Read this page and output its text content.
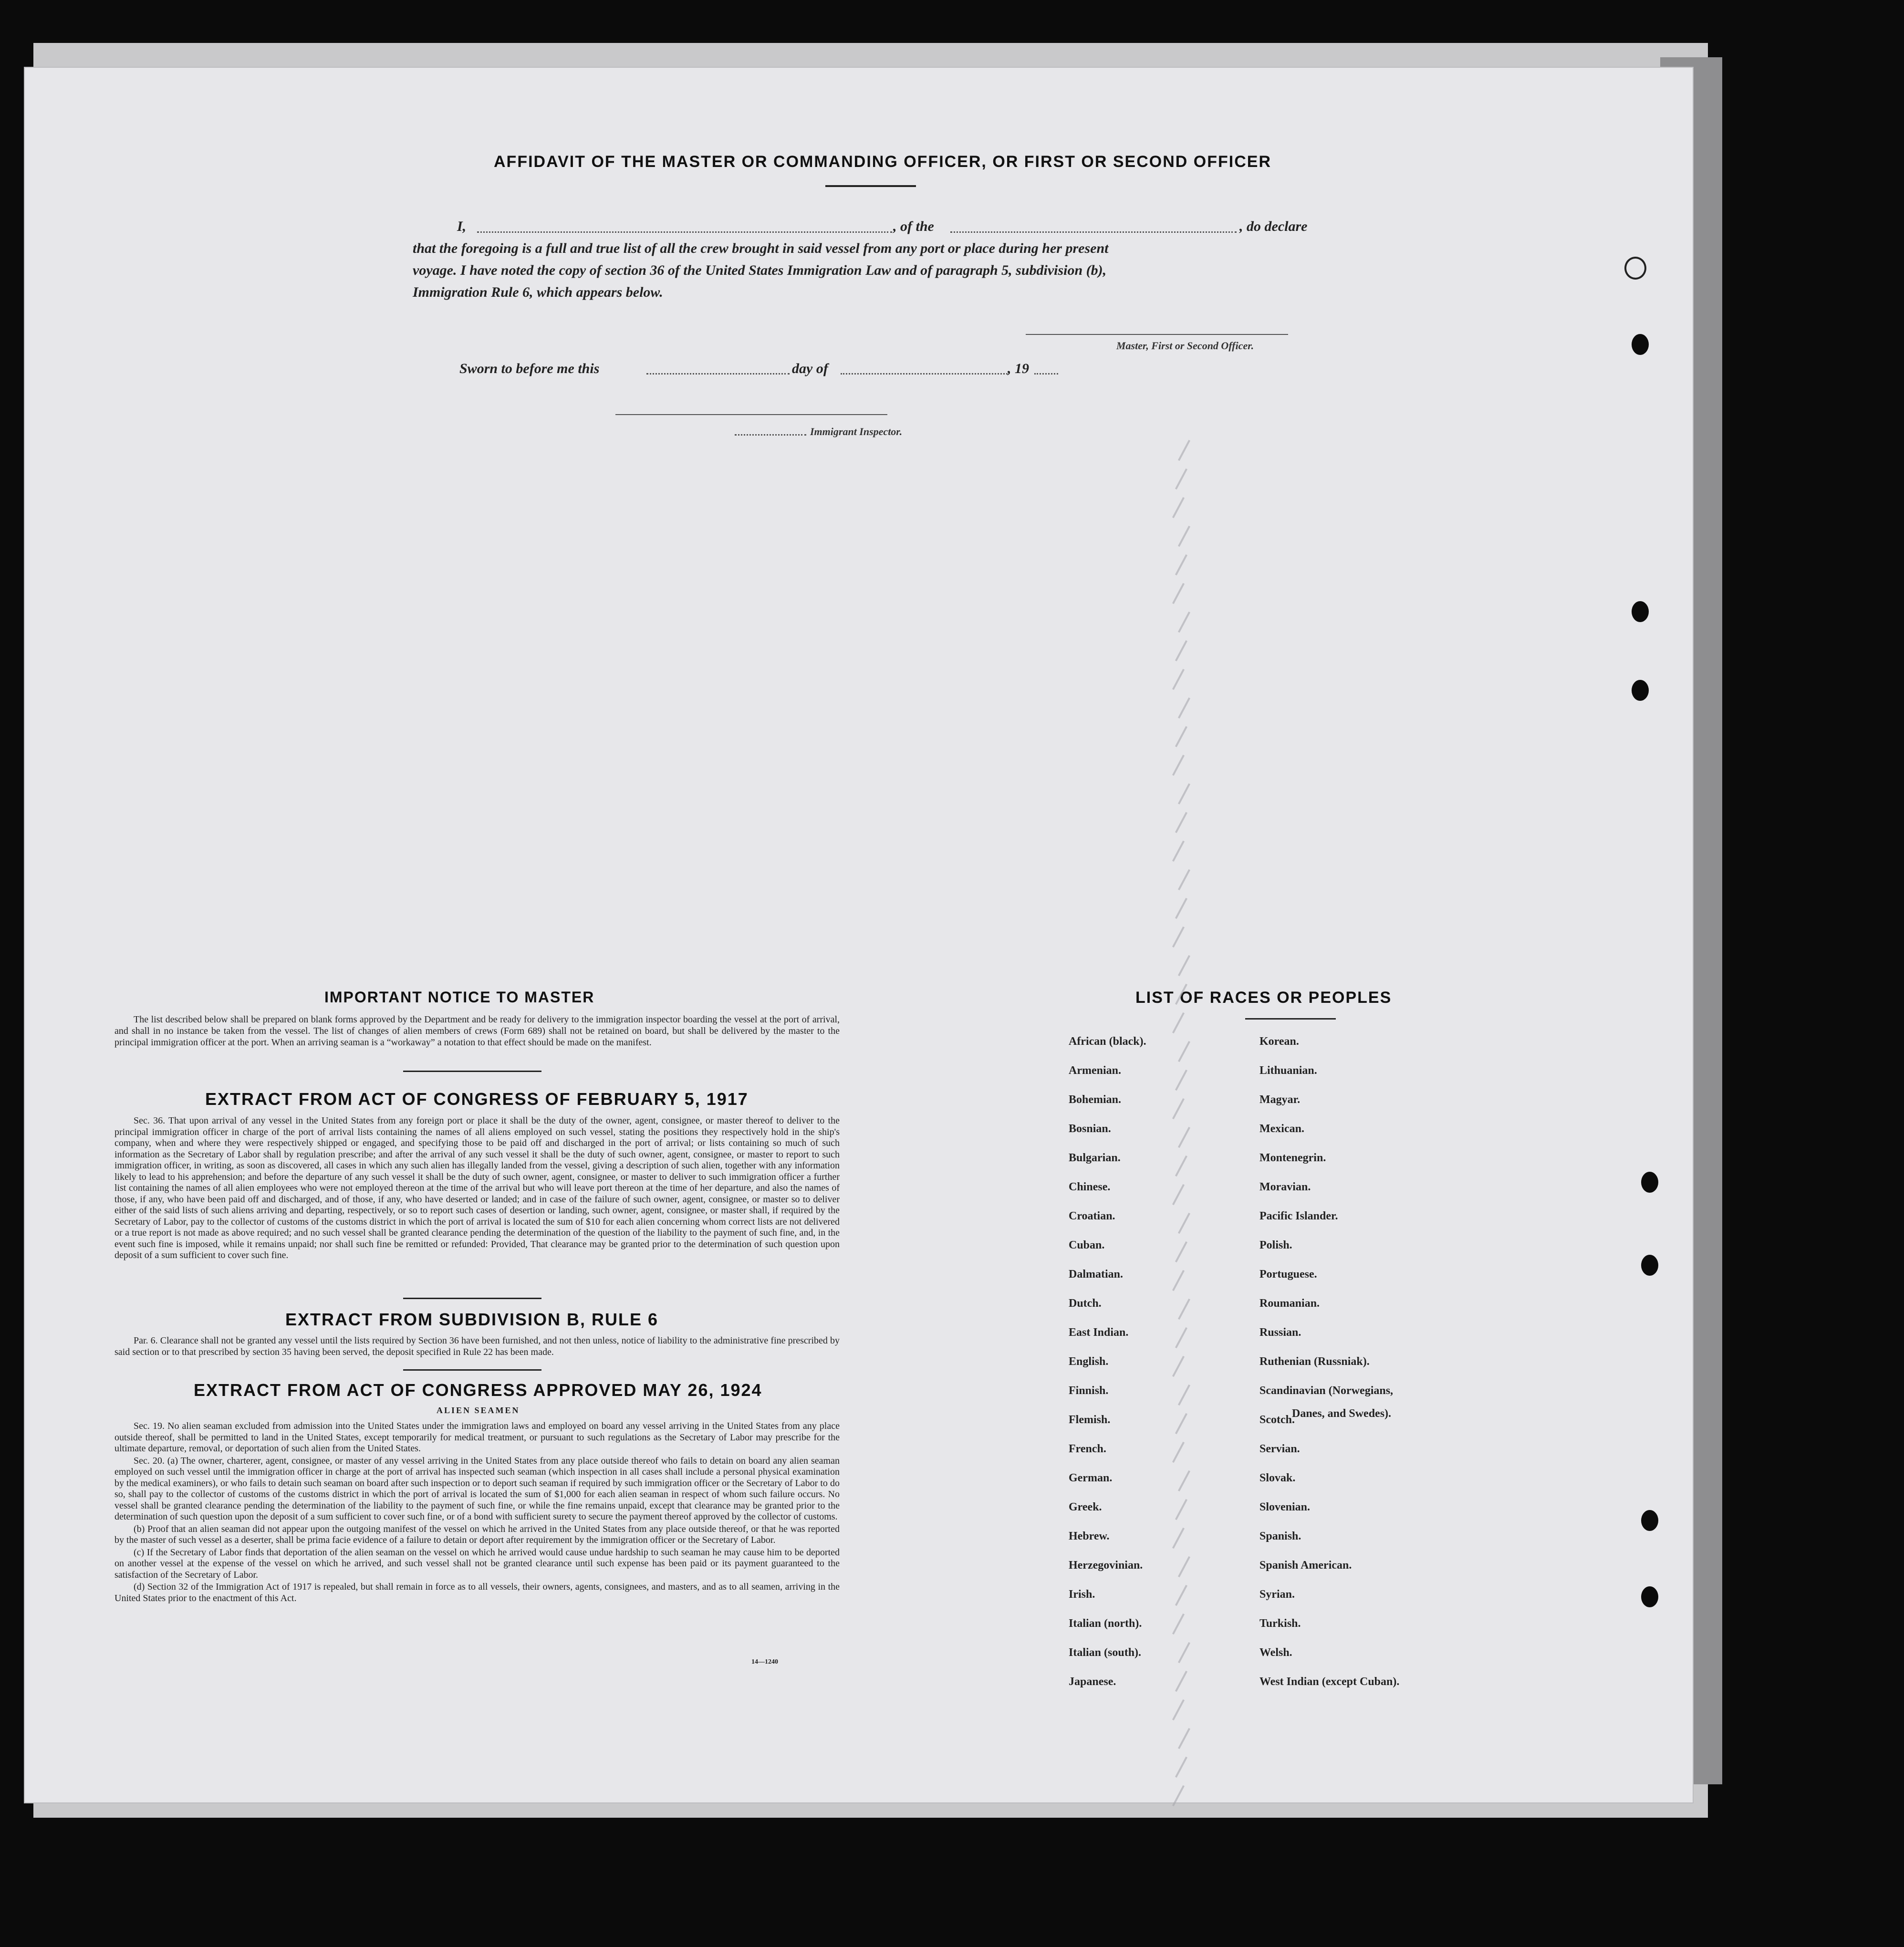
AFFIDAVIT OF THE MASTER OR COMMANDING OFFICER, OR FIRST OR SECOND OFFICER
I,	, of the	, do declare
that the foregoing is a full and true list of all the crew brought in said vessel from any port or place during her present
voyage. I have noted the copy of section 36 of the United States Immigration Law and of paragraph 5, subdivision (b),
Immigration Rule 6, which appears below.
Master, First or Second Officer.
Sworn to before me this	day of	, 19
Immigrant Inspector.
IMPORTANT NOTICE TO MASTER

The list described below shall be prepared on blank forms approved by the Department and be ready for delivery to the immigration inspector boarding the vessel at the port of arrival, and shall in no instance be taken from the vessel. The list of changes of alien members of crews (Form 689) shall not be retained on board, but shall be delivered by the master to the principal immigration officer at the port. When an arriving seaman is a “workaway” a notation to that effect should be made on the manifest.

EXTRACT FROM ACT OF CONGRESS OF FEBRUARY 5, 1917

Sec. 36. That upon arrival of any vessel in the United States from any foreign port or place it shall be the duty of the owner, agent, consignee, or master thereof to deliver to the principal immigration officer in charge of the port of arrival lists containing the names of all aliens employed on such vessel, stating the positions they respectively hold in the ship's company, when and where they were respectively shipped or engaged, and specifying those to be paid off and discharged in the port of arrival; or lists containing so much of such information as the Secretary of Labor shall by regulation prescribe; and after the arrival of any such vessel it shall be the duty of such owner, agent, consignee, or master to report to such immigration officer, in writing, as soon as discovered, all cases in which any such alien has illegally landed from the vessel, giving a description of such alien, together with any information likely to lead to his apprehension; and before the departure of any such vessel it shall be the duty of such owner, agent, consignee, or master to deliver to such immigration officer a further list containing the names of all alien employees who were not employed thereon at the time of the arrival but who will leave port thereon at the time of her departure, and also the names of those, if any, who have been paid off and discharged, and of those, if any, who have deserted or landed; and in case of the failure of such owner, agent, consignee, or master so to deliver either of the said lists of such aliens arriving and departing, respectively, or so to report such cases of desertion or landing, such owner, agent, consignee, or master shall, if required by the Secretary of Labor, pay to the collector of customs of the customs district in which the port of arrival is located the sum of $10 for each alien concerning whom correct lists are not delivered or a true report is not made as above required; and no such vessel shall be granted clearance pending the determination of the question of the liability to the payment of such fine, and, in the event such fine is imposed, while it remains unpaid; nor shall such fine be remitted or refunded: Provided, That clearance may be granted prior to the determination of such question upon deposit of a sum sufficient to cover such fine.

EXTRACT FROM SUBDIVISION B, RULE 6

Par. 6. Clearance shall not be granted any vessel until the lists required by Section 36 have been furnished, and not then unless, notice of liability to the administrative fine prescribed by said section or to that prescribed by section 35 having been served, the deposit specified in Rule 22 has been made.

EXTRACT FROM ACT OF CONGRESS APPROVED MAY 26, 1924
ALIEN SEAMEN

Sec. 19. No alien seaman excluded from admission into the United States under the immigration laws and employed on board any vessel arriving in the United States from any place outside thereof, shall be permitted to land in the United States, except temporarily for medical treatment, or pursuant to such regulations as the Secretary of Labor may prescribe for the ultimate departure, removal, or deportation of such alien from the United States.

Sec. 20. (a) The owner, charterer, agent, consignee, or master of any vessel arriving in the United States from any place outside thereof who fails to detain on board any alien seaman employed on such vessel until the immigration officer in charge at the port of arrival has inspected such seaman (which inspection in all cases shall include a personal physical examination by the medical examiners), or who fails to detain such seaman on board after such inspection or to deport such seaman if required by such immigration officer or the Secretary of Labor to do so, shall pay to the collector of customs of the customs district in which the port of arrival is located the sum of $1,000 for each alien seaman in respect of whom such failure occurs. No vessel shall be granted clearance pending the determination of the liability to the payment of such fine, or while the fine remains unpaid, except that clearance may be granted prior to the determination of such question upon the deposit of a sum sufficient to cover such fine, or of a bond with sufficient surety to secure the payment thereof approved by the collector of customs.

(b) Proof that an alien seaman did not appear upon the outgoing manifest of the vessel on which he arrived in the United States from any place outside thereof, or that he was reported by the master of such vessel as a deserter, shall be prima facie evidence of a failure to detain or deport after requirement by the immigration officer or the Secretary of Labor.

(c) If the Secretary of Labor finds that deportation of the alien seaman on the vessel on which he arrived would cause undue hardship to such seaman he may cause him to be deported on another vessel at the expense of the vessel on which he arrived, and such vessel shall not be granted clearance until such expense has been paid or its payment guaranteed to the satisfaction of the Secretary of Labor.

(d) Section 32 of the Immigration Act of 1917 is repealed, but shall remain in force as to all vessels, their owners, agents, consignees, and masters, and as to all seamen, arriving in the United States prior to the enactment of this Act.

14—1240
LIST OF RACES OR PEOPLES
African (black).
Armenian.
Bohemian.
Bosnian.
Bulgarian.
Chinese.
Croatian.
Cuban.
Dalmatian.
Dutch.
East Indian.
English.
Finnish.
Flemish.
French.
German.
Greek.
Hebrew.
Herzegovinian.
Irish.
Italian (north).
Italian (south).
Japanese.
Korean.
Lithuanian.
Magyar.
Mexican.
Montenegrin.
Moravian.
Pacific Islander.
Polish.
Portuguese.
Roumanian.
Russian.
Ruthenian (Russniak).
Scandinavian (Norwegians,
Scotch.
Servian.
Slovak.
Slovenian.
Spanish.
Spanish American.
Syrian.
Turkish.
Welsh.
West Indian (except Cuban).
Danes, and Swedes).
